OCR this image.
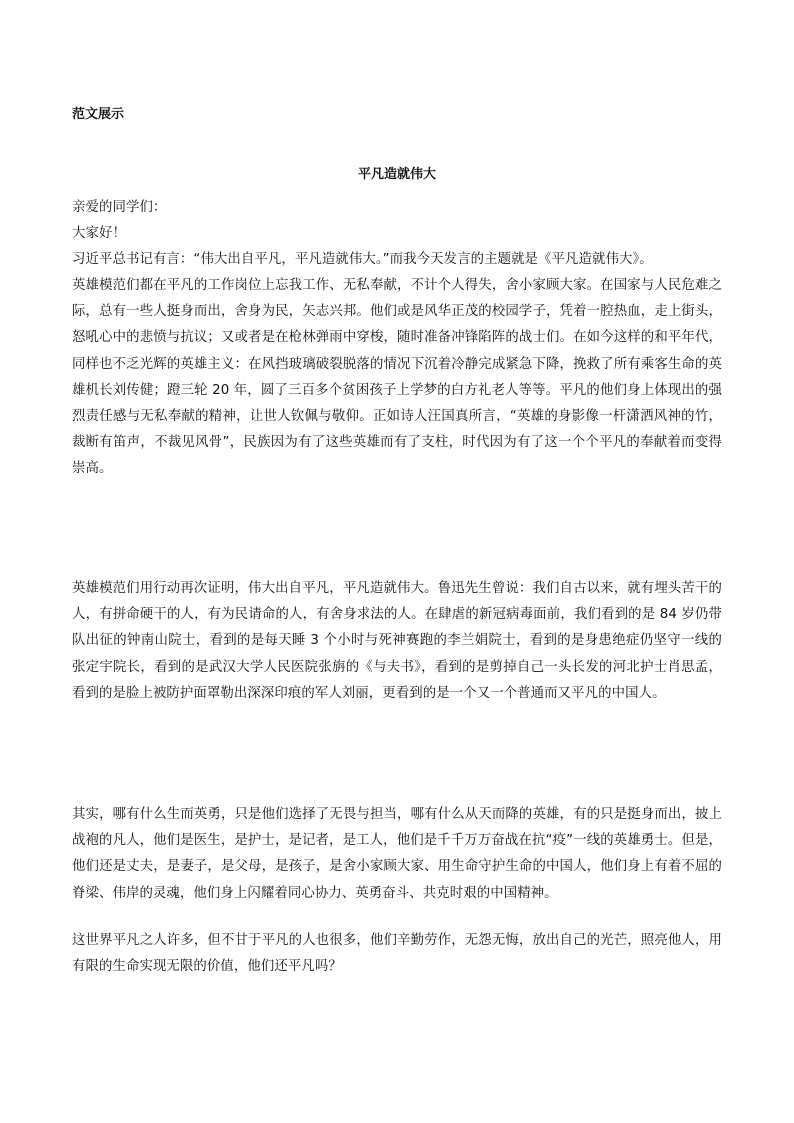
范文展示

平凡造就伟大

亲爱的同学们：

大家好！

习近平总书记有言：“伟大出自平凡，平凡造就伟大。”而我今天发言的主题就是《平凡造就伟大》。

英雄模范们都在平凡的工作岗位上忘我工作、无私奉献，不计个人得失，舍小家顾大家。在国家与人民危难之际，总有一些人挺身而出，舍身为民，矢志兴邦。他们或是风华正茂的校园学子，凭着一腔热血，走上街头，怒吼心中的悲愤与抗议；又或者是在枪林弹雨中穿梭，随时准备冲锋陷阵的战士们。在如今这样的和平年代，同样也不乏光辉的英雄主义：在风挡玻璃破裂脱落的情况下沉着冷静完成紧急下降，挽救了所有乘客生命的英雄机长刘传健；蹬三轮 20 年，圆了三百多个贫困孩子上学梦的白方礼老人等等。平凡的他们身上体现出的强烈责任感与无私奉献的精神，让世人钦佩与敬仰。正如诗人汪国真所言，“英雄的身影像一杆潇洒风神的竹，裁断有笛声，不裁见风骨”，民族因为有了这些英雄而有了支柱，时代因为有了这一个个平凡的奉献着而变得崇高。

英雄模范们用行动再次证明，伟大出自平凡，平凡造就伟大。鲁迅先生曾说：我们自古以来，就有埋头苦干的人，有拼命硬干的人，有为民请命的人，有舍身求法的人。在肆虐的新冠病毒面前，我们看到的是 84 岁仍带队出征的钟南山院士，看到的是每天睡 3 个小时与死神赛跑的李兰娟院士，看到的是身患绝症仍坚守一线的张定宇院长，看到的是武汉大学人民医院张旃的《与夫书》，看到的是剪掉自己一头长发的河北护士肖思孟，看到的是脸上被防护面罩勒出深深印痕的军人刘丽，更看到的是一个又一个普通而又平凡的中国人。

其实，哪有什么生而英勇，只是他们选择了无畏与担当，哪有什么从天而降的英雄，有的只是挺身而出，披上战袍的凡人，他们是医生，是护士，是记者，是工人，他们是千千万万奋战在抗“疫”一线的英雄勇士。但是，他们还是丈夫，是妻子，是父母，是孩子，是舍小家顾大家、用生命守护生命的中国人，他们身上有着不屈的脊梁、伟岸的灵魂，他们身上闪耀着同心协力、英勇奋斗、共克时艰的中国精神。

这世界平凡之人许多，但不甘于平凡的人也很多，他们辛勤劳作，无怨无悔，放出自己的光芒，照亮他人，用有限的生命实现无限的价值，他们还平凡吗？
